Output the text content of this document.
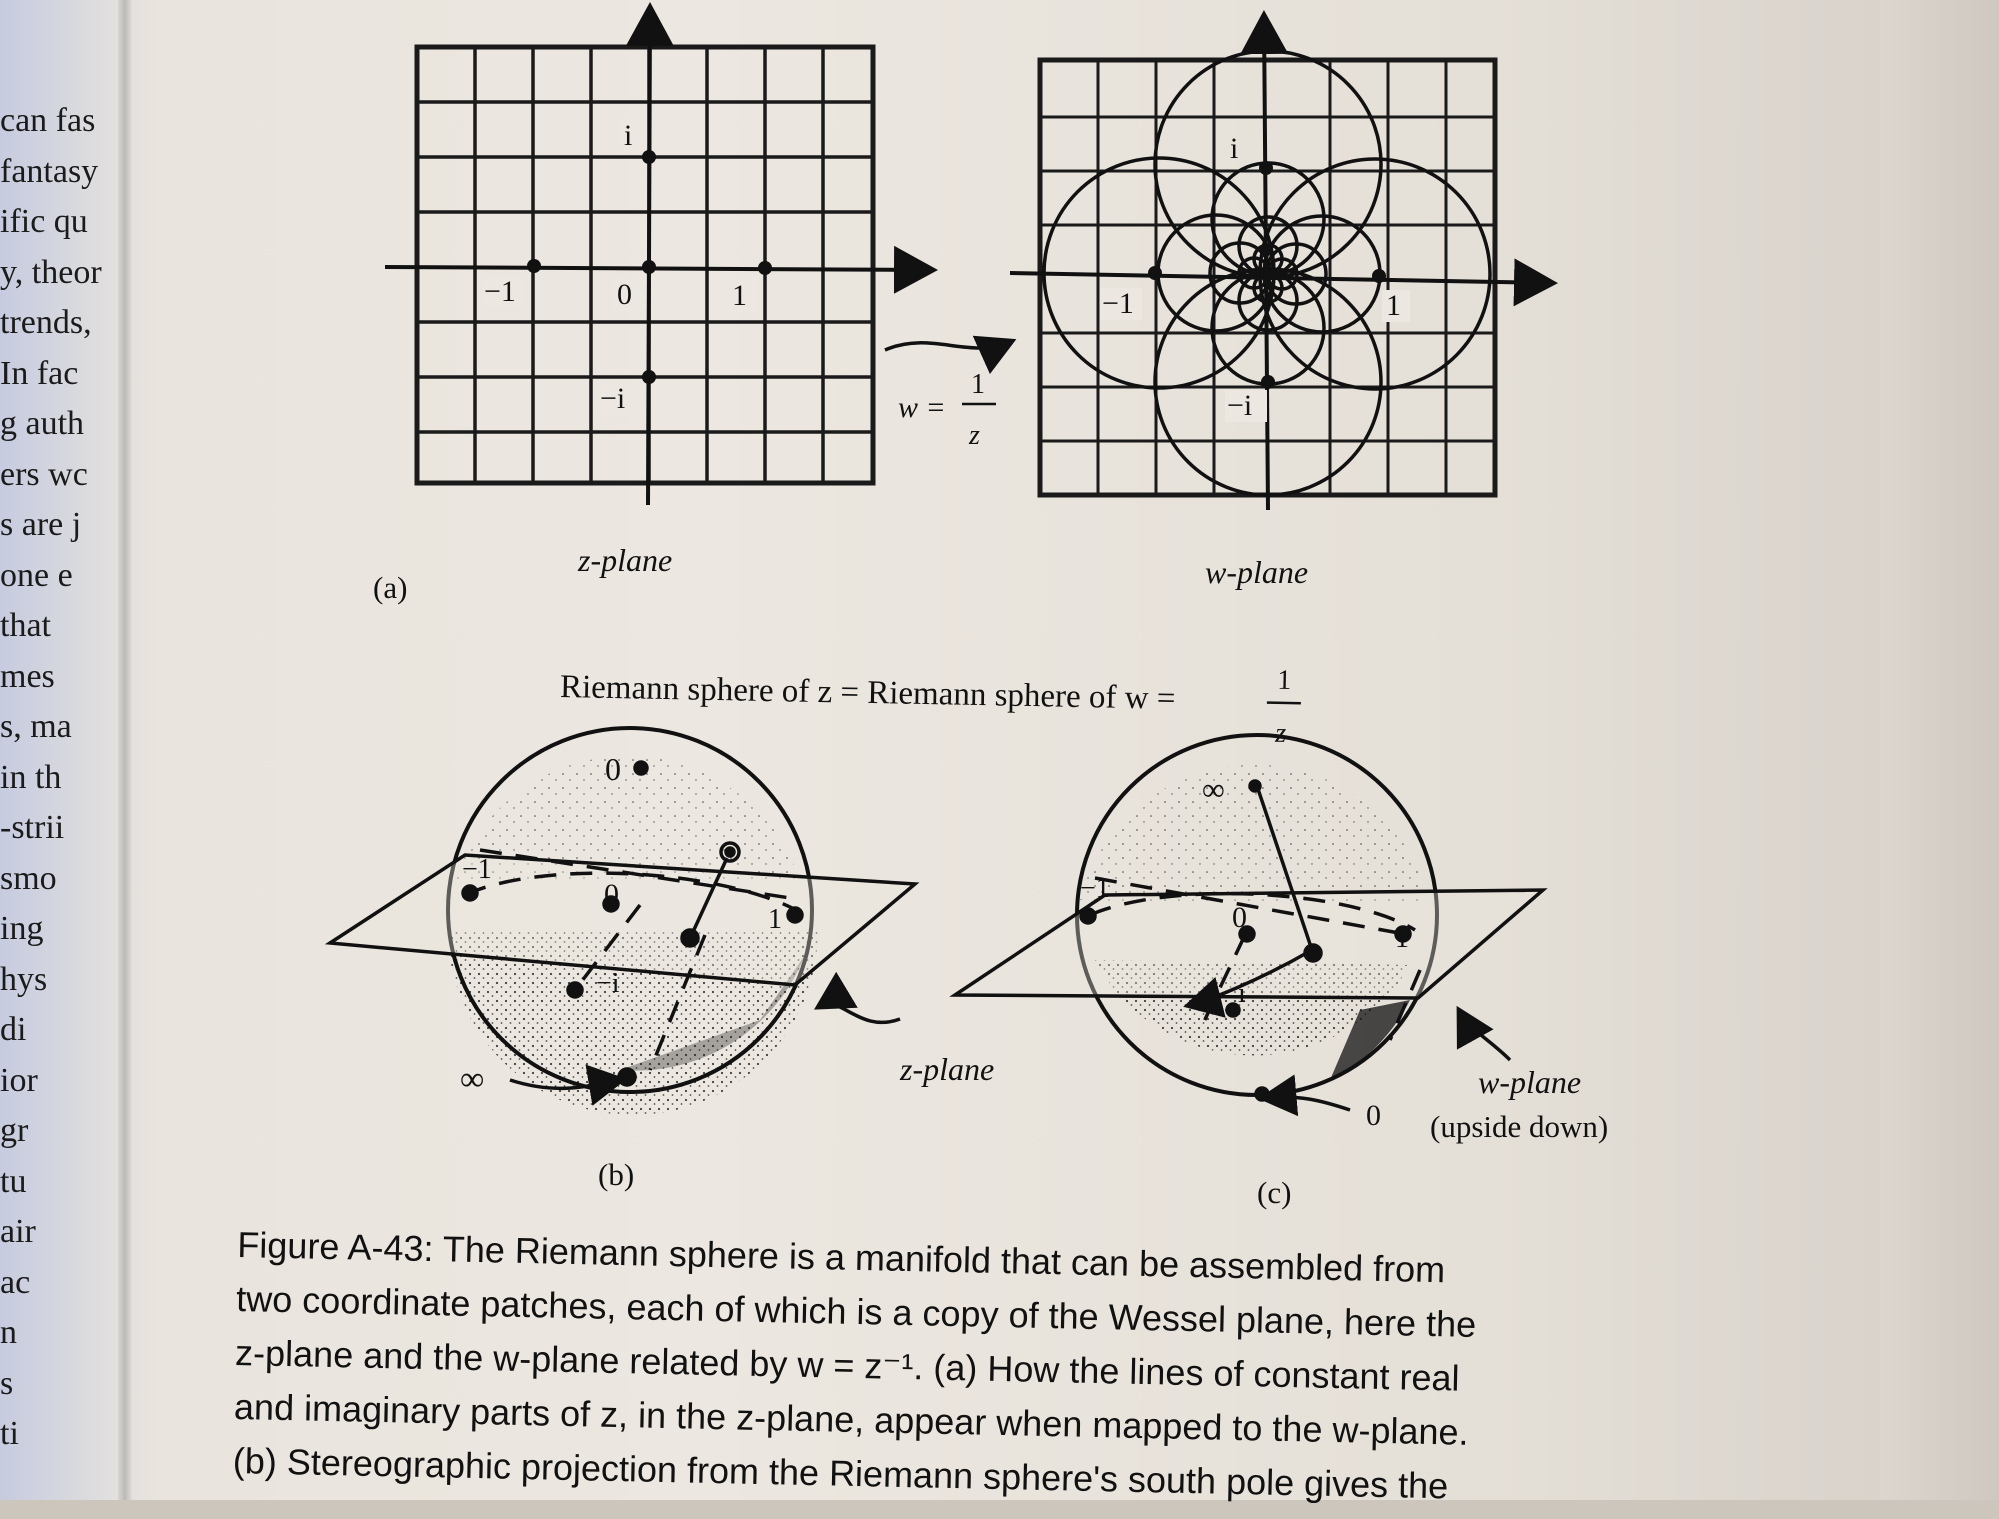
can fas
fantasy
ific qu
y, theor
trends,
In fac
g auth
ers wc
s are j
one e
that
mes
s, ma
in th
-strii
smo
ing
hys
di
ior
gr
tu
air
ac
n
s
ti
−1	0	1
i
−i
−1	1
i
−i
w =
1
z
(a)
z-plane	w-plane
Riemann sphere of z = Riemann sphere of w =	1
z
0
−1
0
1
−i
∞	z-plane
(b)
∞
−1
0
1
i
0
w-plane
(upside down)
(c)
Figure A-43: The Riemann sphere is a manifold that can be assembled from
two coordinate patches, each of which is a copy of the Wessel plane, here the
z-plane and the w-plane related by w = z⁻¹. (a) How the lines of constant real
and imaginary parts of z, in the z-plane, appear when mapped to the w-plane.
(b) Stereographic projection from the Riemann sphere's south pole gives the
